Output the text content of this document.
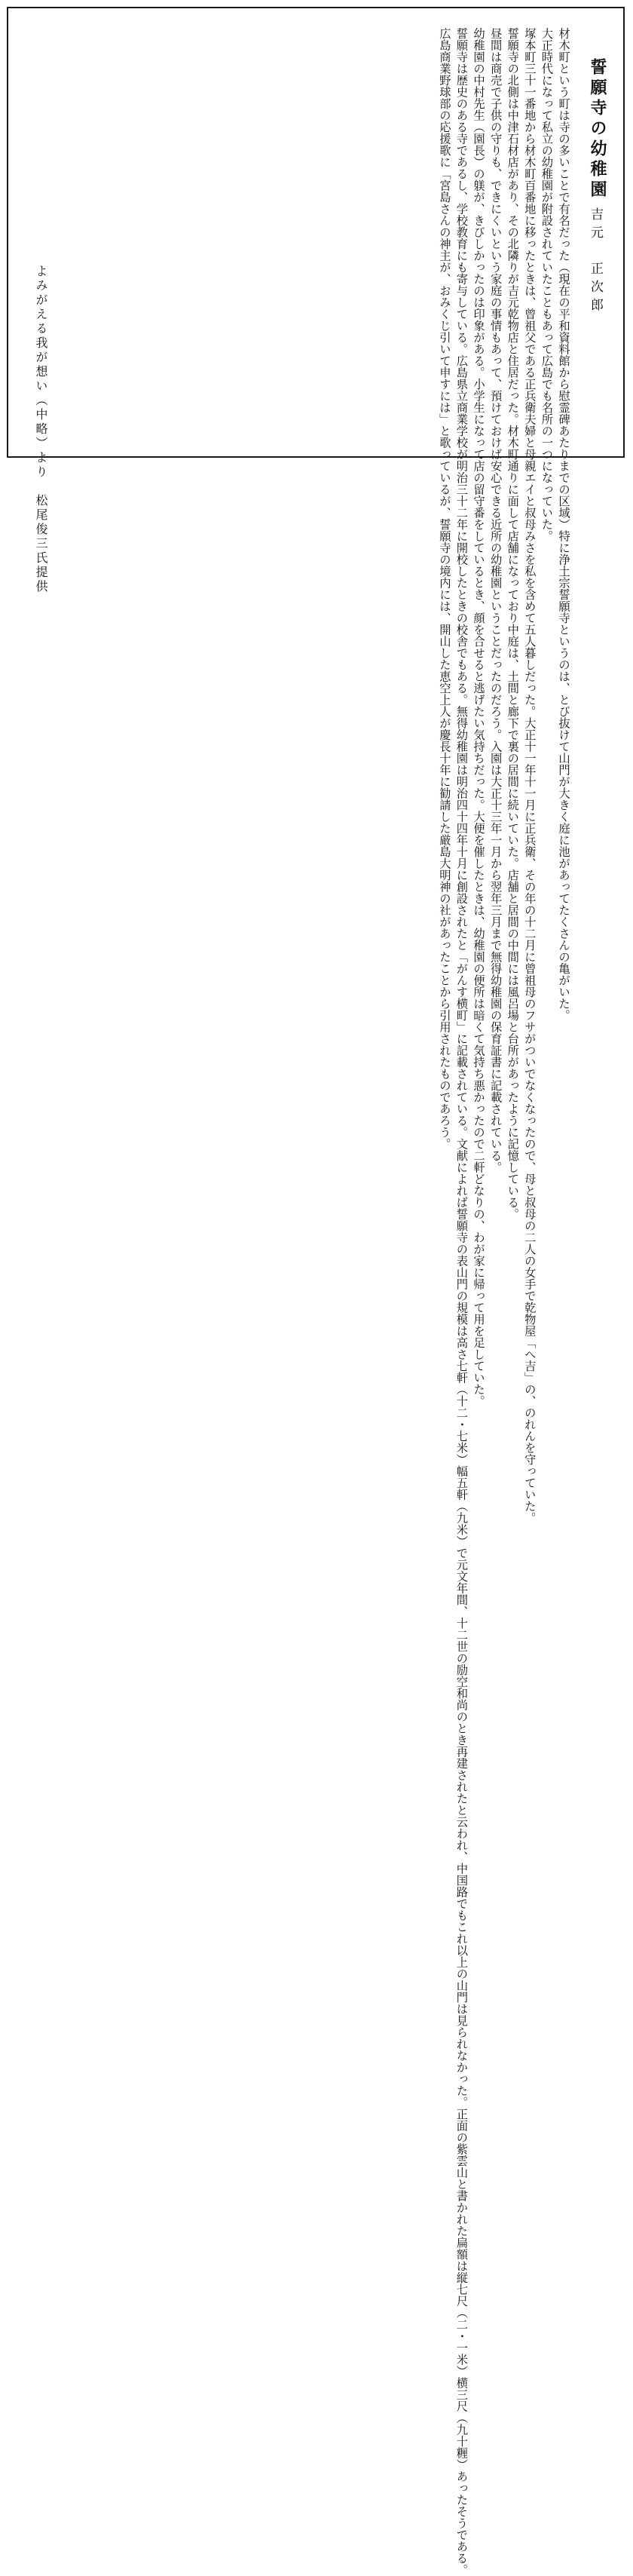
誓願寺の幼稚園
吉元　正次郎

　材木町という町は寺の多いことで有名だった（現在の平和資料館から慰霊碑あたりまでの区域）特に浄土宗誓願寺というのは、とび抜けて山門が大きく庭に池があってたくさんの亀がいた。

　大正時代になって私立の幼稚園が附設されていたこともあって広島でも名所の一つになっていた。

　塚本町三十一番地から材木町百番地に移ったときは、曾祖父である正兵衛夫婦と母親エイと叔母みさを私を含めて五人暮しだった。大正十一年十一月に正兵衛、その年の十二月に曾祖母のフサがついでなくなったので、母と叔母の二人の女手で乾物屋「へ吉」の、のれんを守っていた。

　誓願寺の北側は中津石材店があり、その北隣りが吉元乾物店と住居だった。材木町通りに面して店舗になっており中庭は、土間と廊下で裏の居間に続いていた。店舗と居間の中間には風呂場と台所があったように記憶している。

　昼間は商売で子供の守りも、できにくいという家庭の事情もあって、預けておけば安心できる近所の幼稚園ということだったのだろう。入園は大正十三年一月から翌年三月まで無得幼稚園の保育証書に記載されている。

　幼稚園の中村先生（園長）の躾が、きびしかったのは印象がある。小学生になって店の留守番をしているとき、顔を合せると逃げたい気持ちだった。大便を催したときは、幼稚園の便所は暗くて気持ち悪かったので二軒どなりの、わが家に帰って用を足していた。

　誓願寺は歴史のある寺であるし、学校教育にも寄与している。広島県立商業学校が明治三十二年に開校したときの校舎でもある。無得幼稚園は明治四十四年十月に創設されたと「がんす横町」に記載されている。文献によれば誓願寺の表山門の規模は高さ七軒（十二・七米）幅五軒（九米）で元文年間、十二世の励空和尚のとき再建されたと云われ、中国路でもこれ以上の山門は見られなかった。正面の紫雲山と書かれた扁額は縦七尺（二・一米）横三尺（九十糎）あったそうである。

　広島商業野球部の応援歌に「宮島さんの神主が、おみくじ引いて申すには」と歌っているが、誓願寺の境内には、開山した恵空上人が慶長十年に勧請した厳島大明神の社があったことから引用されたものであろう。

よみがえる我が想い（中略）より　松尾俊三氏提供
